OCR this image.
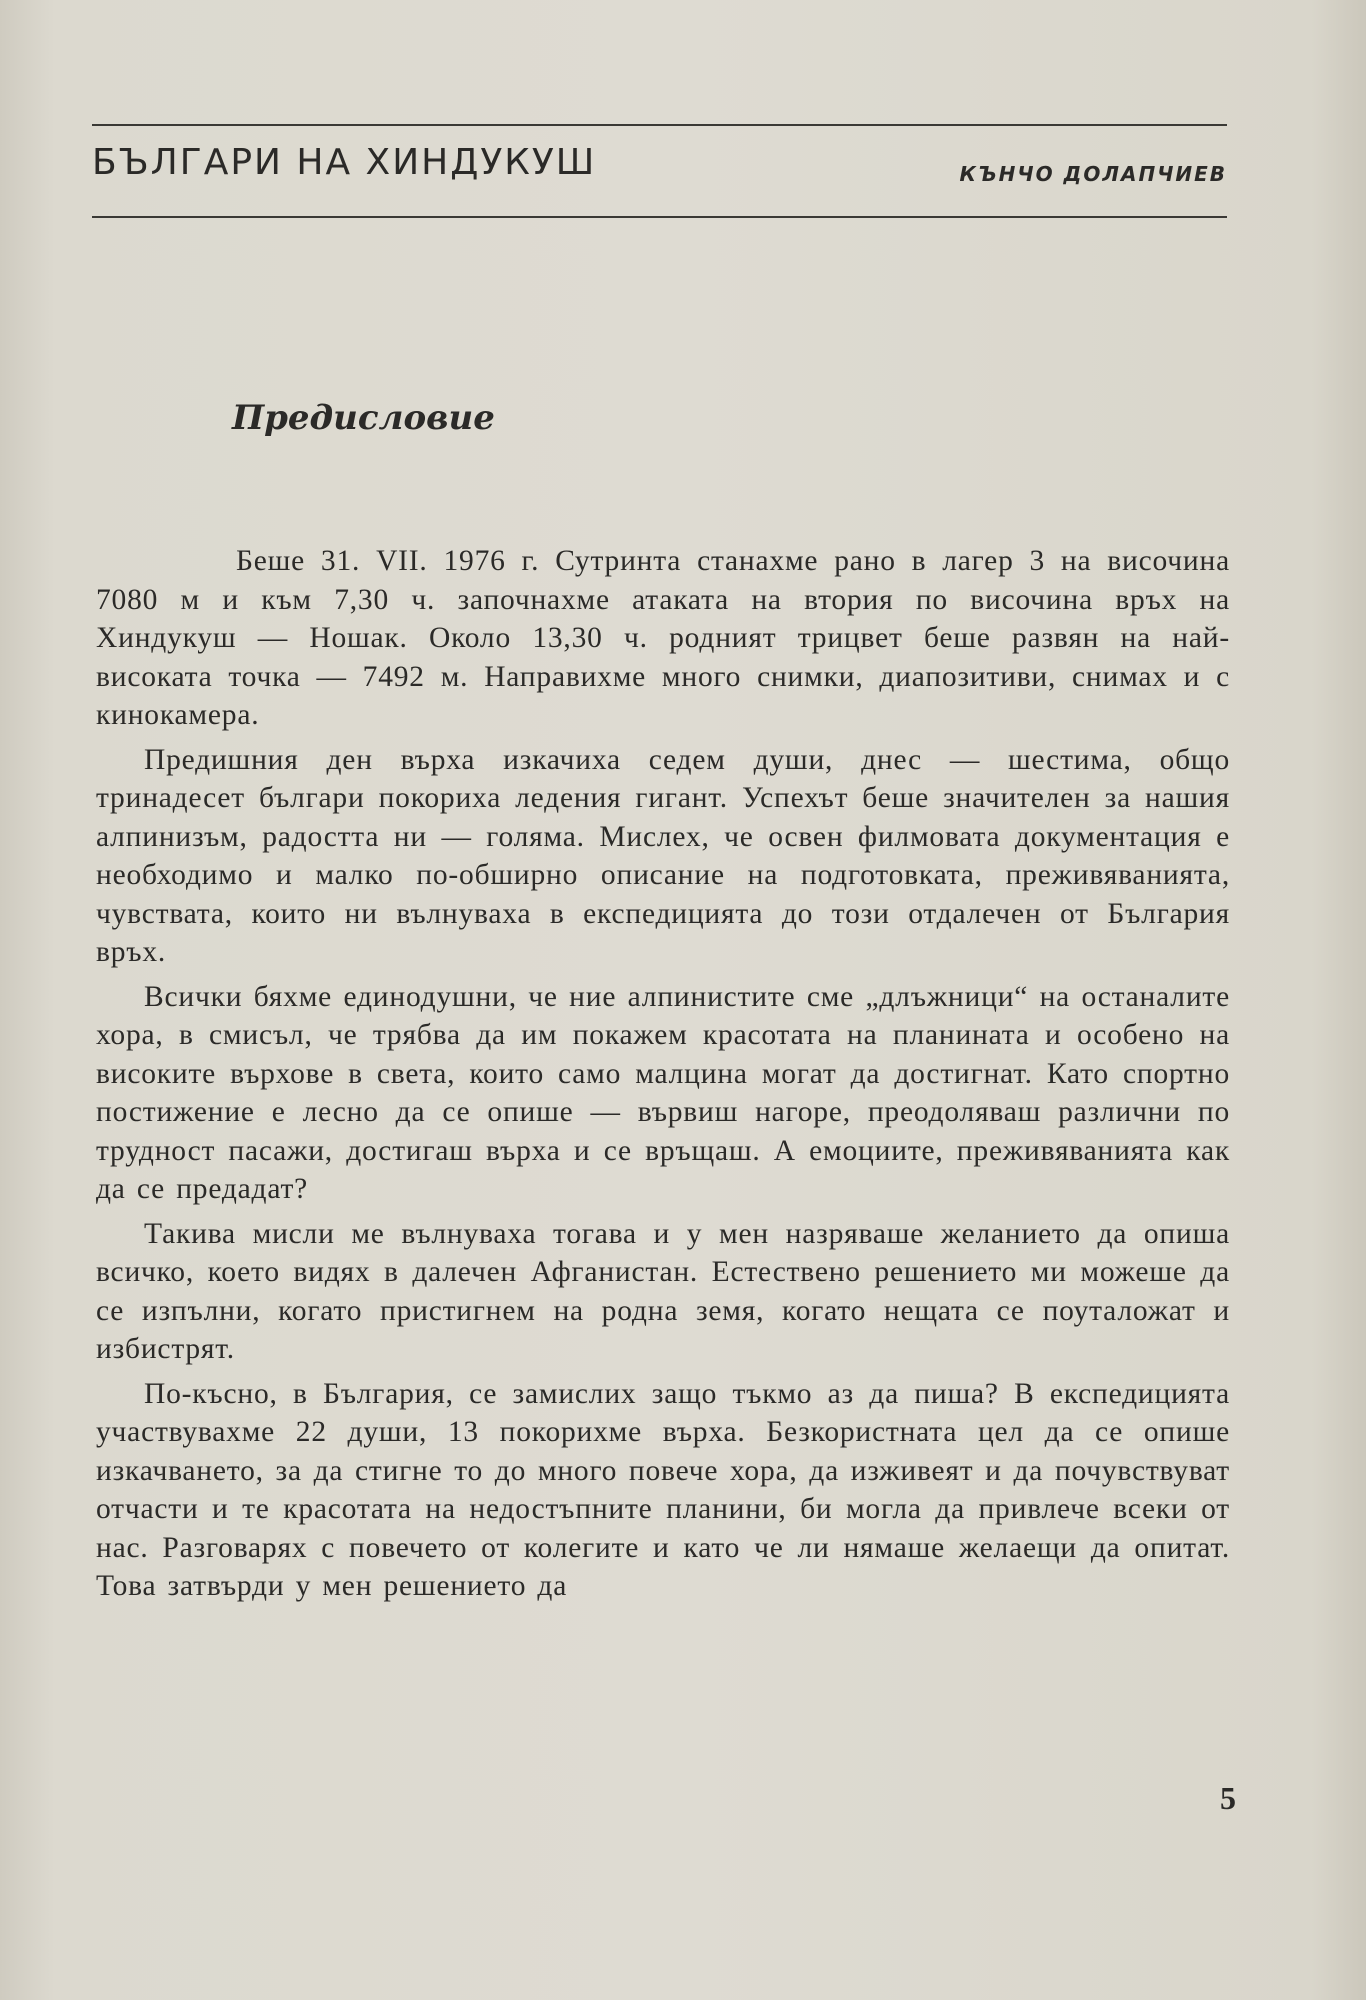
БЪЛГАРИ НА ХИНДУКУШ	КЪНЧО ДОЛАПЧИЕВ
Предисловие

Беше 31. VII. 1976 г. Сутринта станахме рано в лагер 3 на височина 7080 м и към 7,30 ч. започнахме атаката на втория по височина връх на Хиндукуш — Ношак. Около 13,30 ч. родният трицвет беше развян на най-високата точка — 7492 м. Направихме много снимки, диапозитиви, снимах и с кинокамера.

Предишния ден върха изкачиха седем души, днес — шестима, общо тринадесет българи покориха ледения гигант. Успехът беше значителен за нашия алпинизъм, радостта ни — голяма. Мислех, че освен филмовата документация е необходимо и малко по-обширно описание на подготовката, преживяванията, чувствата, които ни вълнуваха в експедицията до този отдалечен от България връх.

Всички бяхме единодушни, че ние алпинистите сме „длъжници“ на останалите хора, в смисъл, че трябва да им покажем красотата на планината и особено на високите върхове в света, които само малцина могат да достигнат. Като спортно постижение е лесно да се опише — вървиш нагоре, преодоляваш различни по трудност пасажи, достигаш върха и се връщаш. А емоциите, преживяванията как да се предадат?

Такива мисли ме вълнуваха тогава и у мен назряваше желанието да опиша всичко, което видях в далечен Афганистан. Естествено решението ми можеше да се изпълни, когато пристигнем на родна земя, когато нещата се поуталожат и избистрят.

По-късно, в България, се замислих защо тъкмо аз да пиша? В експедицията участвувахме 22 души, 13 покорихме върха. Безкористната цел да се опише изкачването, за да стигне то до много повече хора, да изживеят и да почувствуват отчасти и те красотата на недостъпните планини, би могла да привлече всеки от нас. Разговарях с повечето от колегите и като че ли нямаше желаещи да опитат. Това затвърди у мен решението да

5
